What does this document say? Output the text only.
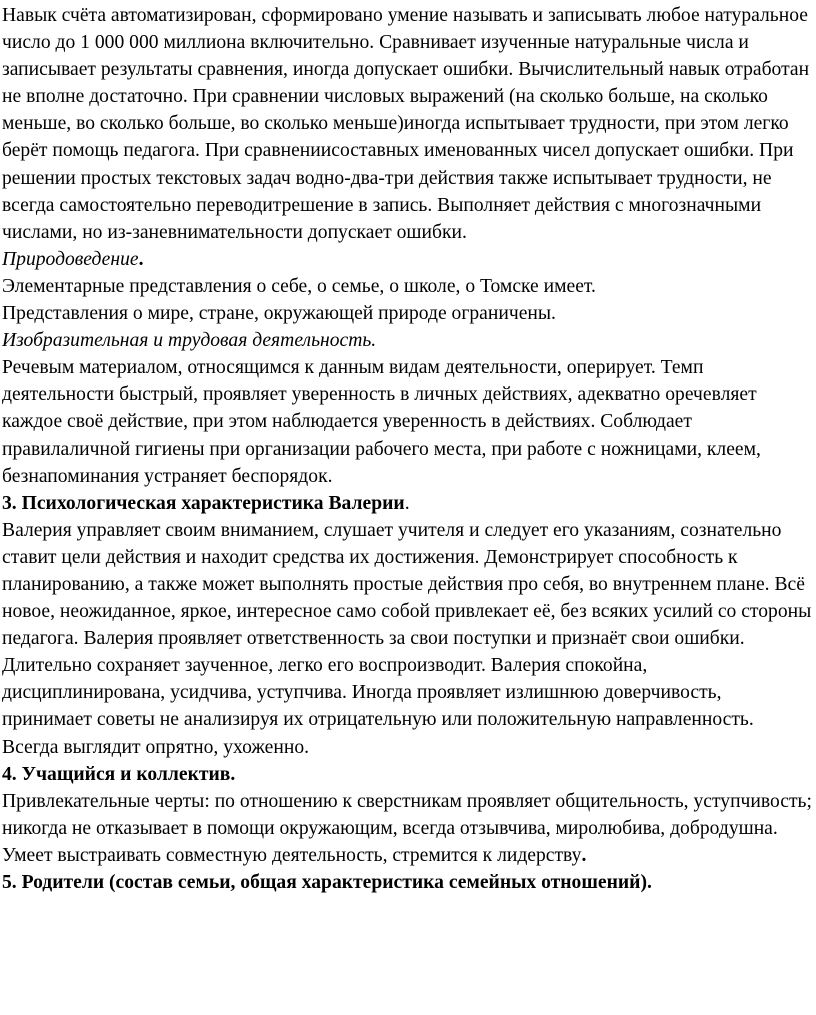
Навык счёта автоматизирован, сформировано умение называть и записывать любое натуральное число до 1 000 000 миллиона включительно. Сравнивает изученные натуральные числа и записывает результаты сравнения, иногда допускает ошибки. Вычислительный навык отработан не вполне достаточно. При сравнении числовых выражений (на сколько больше, на сколько меньше, во сколько больше, во сколько меньше)иногда испытывает трудности, при этом легко берёт помощь педагога. При сравнениисоставных именованных чисел допускает ошибки. При решении простых текстовых задач водно-два-три действия также испытывает трудности, не всегда самостоятельно переводитрешение в запись. Выполняет действия с многозначными числами, но из-заневнимательности допускает ошибки.

Природоведение.

Элементарные представления о себе, о семье, о школе, о Томске имеет.

Представления о мире, стране, окружающей природе ограничены.

Изобразительная и трудовая деятельность.

Речевым материалом, относящимся к данным видам деятельности, оперирует. Темп деятельности быстрый, проявляет уверенность в личных действиях, адекватно оречевляет каждое своё действие, при этом наблюдается уверенность в действиях. Соблюдает правилаличной гигиены при организации рабочего места, при работе с ножницами, клеем, безнапоминания устраняет беспорядок.

3. Психологическая характеристика Валерии.

Валерия управляет своим вниманием, слушает учителя и следует его указаниям, сознательно ставит цели действия и находит средства их достижения. Демонстрирует способность к планированию, а также может выполнять простые действия про себя, во внутреннем плане. Всё новое, неожиданное, яркое, интересное само собой привлекает её, без всяких усилий со стороны педагога. Валерия проявляет ответственность за свои поступки и признаёт свои ошибки. Длительно сохраняет заученное, легко его воспроизводит. Валерия спокойна, дисциплинирована, усидчива, уступчива. Иногда проявляет излишнюю доверчивость, принимает советы не анализируя их отрицательную или положительную направленность. Всегда выглядит опрятно, ухоженно.

4. Учащийся и коллектив.

Привлекательные черты: по отношению к сверстникам проявляет общительность, уступчивость; никогда не отказывает в помощи окружающим, всегда отзывчива, миролюбива, добродушна. Умеет выстраивать совместную деятельность, стремится к лидерству.

5. Родители (состав семьи, общая характеристика семейных отношений).
